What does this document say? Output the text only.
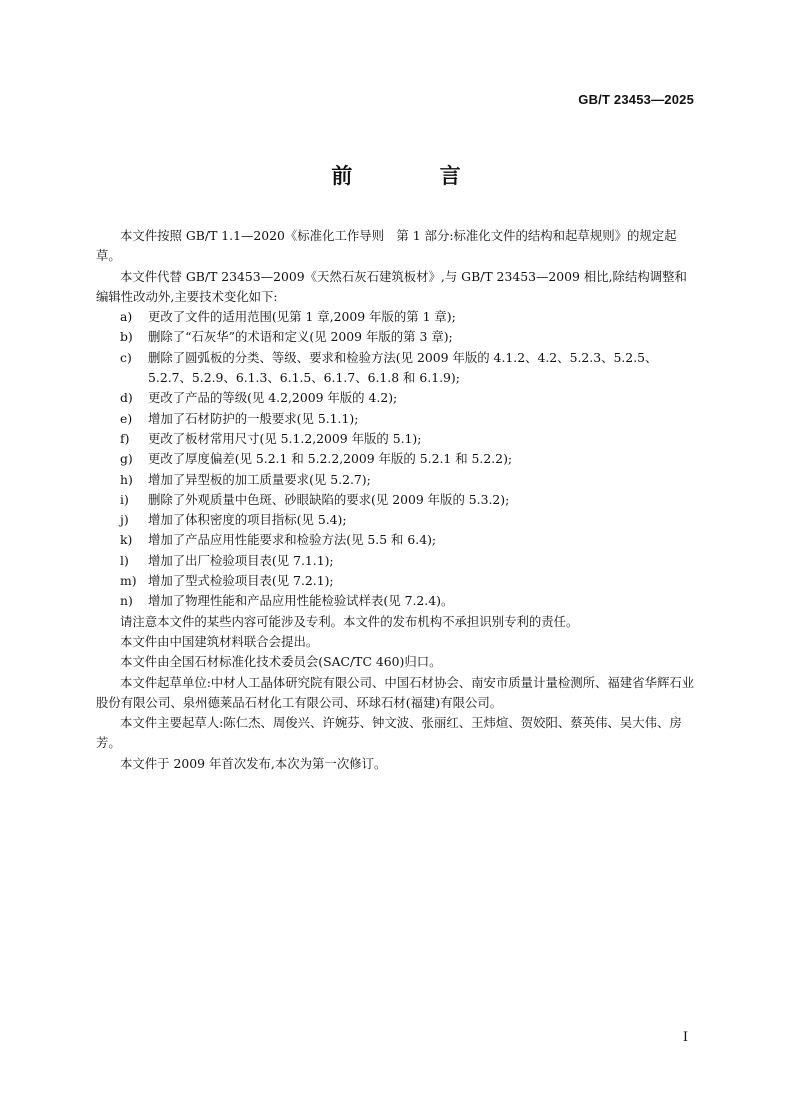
GB/T 23453—2025
前 言

本文件按照 GB/T 1.1—2020《标准化工作导则　第 1 部分:标准化文件的结构和起草规则》的规定起草。

本文件代替 GB/T 23453—2009《天然石灰石建筑板材》,与 GB/T 23453—2009 相比,除结构调整和编辑性改动外,主要技术变化如下:

a) 更改了文件的适用范围(见第 1 章,2009 年版的第 1 章);

b) 删除了“石灰华”的术语和定义(见 2009 年版的第 3 章);

c) 删除了圆弧板的分类、等级、要求和检验方法(见 2009 年版的 4.1.2、4.2、5.2.3、5.2.5、5.2.7、5.2.9、6.1.3、6.1.5、6.1.7、6.1.8 和 6.1.9);

d) 更改了产品的等级(见 4.2,2009 年版的 4.2);

e) 增加了石材防护的一般要求(见 5.1.1);

f) 更改了板材常用尺寸(见 5.1.2,2009 年版的 5.1);

g) 更改了厚度偏差(见 5.2.1 和 5.2.2,2009 年版的 5.2.1 和 5.2.2);

h) 增加了异型板的加工质量要求(见 5.2.7);

i) 删除了外观质量中色斑、砂眼缺陷的要求(见 2009 年版的 5.3.2);

j) 增加了体积密度的项目指标(见 5.4);

k) 增加了产品应用性能要求和检验方法(见 5.5 和 6.4);

l) 增加了出厂检验项目表(见 7.1.1);

m) 增加了型式检验项目表(见 7.2.1);

n) 增加了物理性能和产品应用性能检验试样表(见 7.2.4)。

请注意本文件的某些内容可能涉及专利。本文件的发布机构不承担识别专利的责任。

本文件由中国建筑材料联合会提出。

本文件由全国石材标准化技术委员会(SAC/TC 460)归口。

本文件起草单位:中材人工晶体研究院有限公司、中国石材协会、南安市质量计量检测所、福建省华辉石业股份有限公司、泉州德莱品石材化工有限公司、环球石材(福建)有限公司。

本文件主要起草人:陈仁杰、周俊兴、许婉芬、钟文波、张丽红、王炜煊、贺姣阳、蔡英伟、吴大伟、房芳。

本文件于 2009 年首次发布,本次为第一次修订。

I
